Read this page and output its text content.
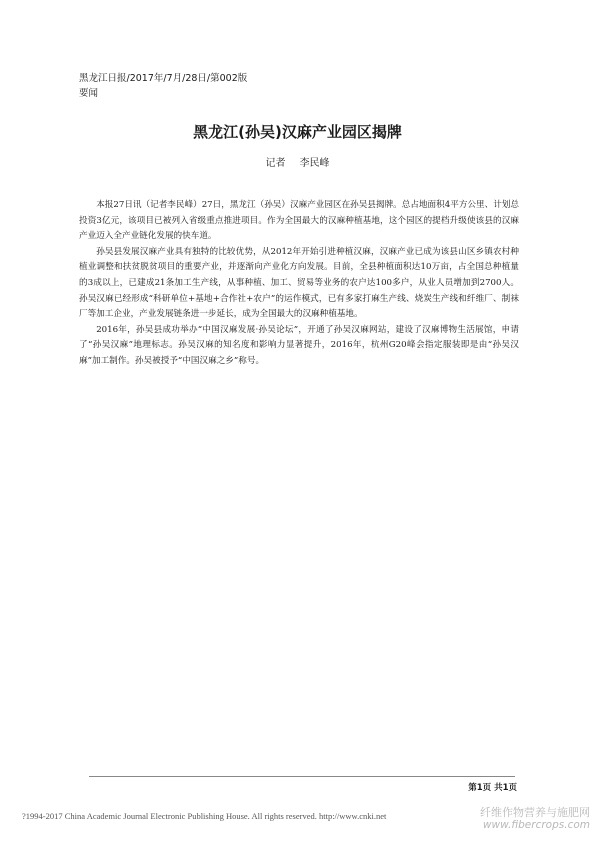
黑龙江日报/2017年/7月/28日/第002版
要闻
黑龙江(孙吴)汉麻产业园区揭牌
记者 李民峰

本报27日讯（记者李民峰）27日，黑龙江（孙吴）汉麻产业园区在孙吴县揭牌。总占地面积4平方公里、计划总投资3亿元，该项目已被列入省级重点推进项目。作为全国最大的汉麻种植基地，这个园区的提档升级使该县的汉麻产业迈入全产业链化发展的快车道。

孙吴县发展汉麻产业具有独特的比较优势，从2012年开始引进种植汉麻，汉麻产业已成为该县山区乡镇农村种植业调整和扶贫脱贫项目的重要产业，并逐渐向产业化方向发展。目前，全县种植面积达10万亩，占全国总种植量的3成以上，已建成21条加工生产线，从事种植、加工、贸易等业务的农户达100多户，从业人员增加到2700人。孙吴汉麻已经形成“科研单位+基地+合作社+农户”的运作模式，已有多家打麻生产线、烧炭生产线和纤维厂、制袜厂等加工企业，产业发展链条进一步延长，成为全国最大的汉麻种植基地。

2016年，孙吴县成功举办“中国汉麻发展·孙吴论坛”，开通了孙吴汉麻网站，建设了汉麻博物生活展馆，申请了“孙吴汉麻”地理标志。孙吴汉麻的知名度和影响力显著提升，2016年，杭州G20峰会指定服装即是由“孙吴汉麻”加工制作。孙吴被授予“中国汉麻之乡”称号。

第1页 共1页
?1994-2017 China Academic Journal Electronic Publishing House. All rights reserved. http://www.cnki.net	纤维作物营养与施肥网
www.fibercrops.com
